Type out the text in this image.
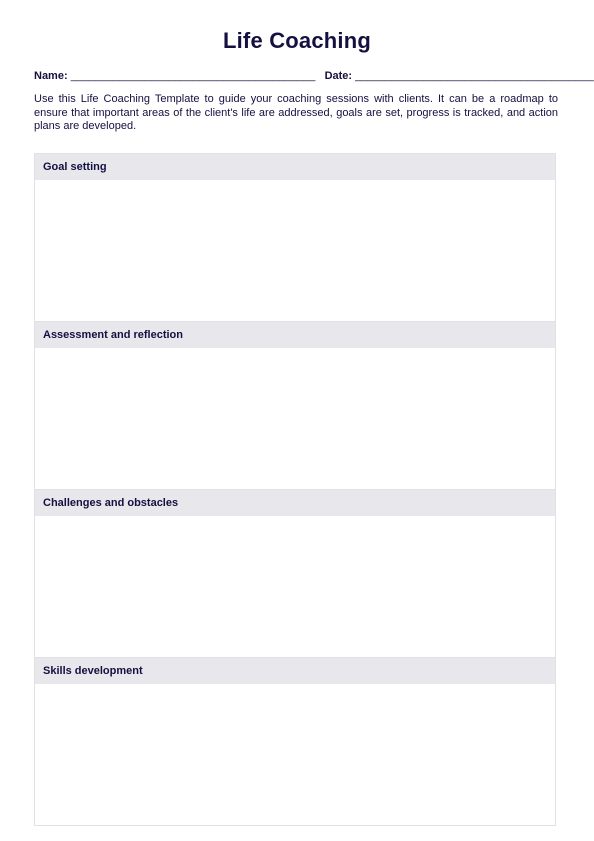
Life Coaching
Name: ________________________________________ Date: _______________________________________
Use this Life Coaching Template to guide your coaching sessions with clients. It can be a roadmap to ensure that important areas of the client's life are addressed, goals are set, progress is tracked, and action plans are developed.
Goal setting
Assessment and reflection
Challenges and obstacles
Skills development
